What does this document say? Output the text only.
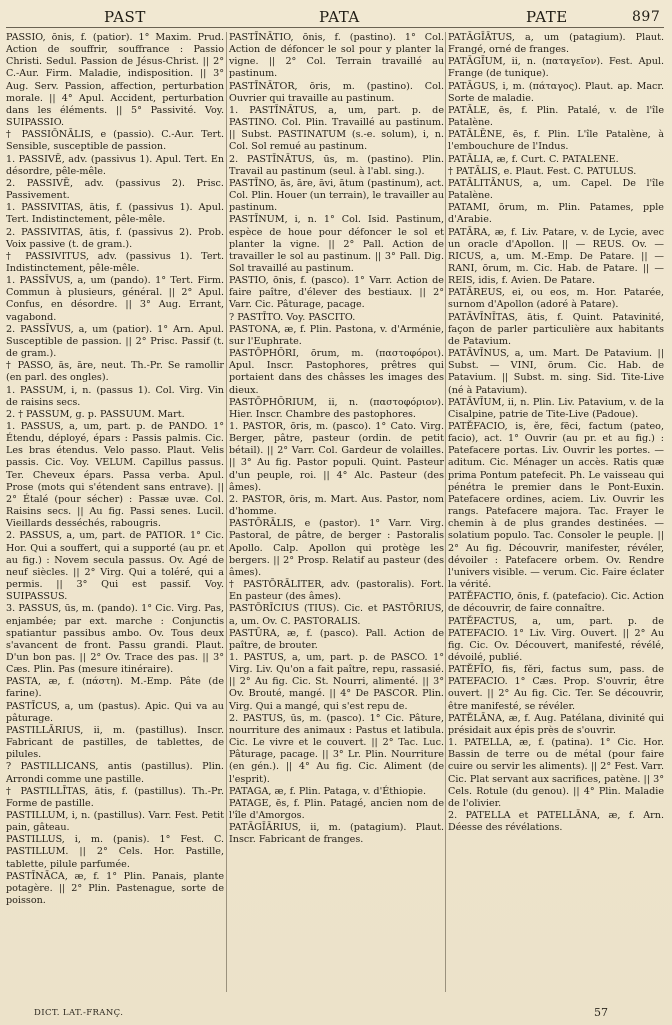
PAST	PATA	PATE	897

PASSIO, ōnis, f. (patior). 1° Maxim. Prud. Action de souffrir, souffrance : Passio Christi. Sedul. Passion de Jésus-Christ. || 2° C.-Aur. Firm. Maladie, indisposition. || 3° Aug. Serv. Passion, affection, perturbation morale. || 4° Apul. Accident, perturbation dans les éléments. || 5° Passivité. Voy. SUIPASSIO.

† PASSIŌNĀLIS, e (passio). C.-Aur. Tert. Sensible, susceptible de passion.

1. PASSIVĒ, adv. (passivus 1). Apul. Tert. En désordre, pêle-mêle.

2. PASSIVĒ, adv. (passivus 2). Prisc. Passivement.

1. PASSIVITAS, ātis, f. (passivus 1). Apul. Tert. Indistinctement, pêle-mêle.

2. PASSIVITAS, ātis, f. (passivus 2). Prob. Voix passive (t. de gram.).

† PASSIVITUS, adv. (passivus 1). Tert. Indistinctement, pêle-mêle.

1. PASSĪVUS, a, um (pando). 1° Tert. Firm. Commun à plusieurs, général. || 2° Apul. Confus, en désordre. || 3° Aug. Errant, vagabond.

2. PASSĪVUS, a, um (patior). 1° Arn. Apul. Susceptible de passion. || 2° Prisc. Passif (t. de gram.).

† PASSO, ās, āre, neut. Th.-Pr. Se ramollir (en parl. des ongles).

1. PASSUM, i, n. (passus 1). Col. Virg. Vin de raisins secs.

2. † PASSUM, g. p. PASSUUM. Mart.

1. PASSUS, a, um, part. p. de PANDO. 1° Étendu, déployé, épars : Passis palmis. Cic. Les bras étendus. Velo passo. Plaut. Velis passis. Cic. Voy. VELUM. Capillus passus. Ter. Cheveux épars. Passa verba. Apul. Prose (mots qui s'étendent sans entrave). || 2° Étalé (pour sécher) : Passæ uvæ. Col. Raisins secs. || Au fig. Passi senes. Lucil. Vieillards desséchés, rabougris.

2. PASSUS, a, um, part. de PATIOR. 1° Cic. Hor. Qui a souffert, qui a supporté (au pr. et au fig.) : Novem secula passus. Ov. Agé de neuf siècles. || 2° Virg. Qui a toléré, qui a permis. || 3° Qui est passif. Voy. SUIPASSUS.

3. PASSUS, ūs, m. (pando). 1° Cic. Virg. Pas, enjambée; par ext. marche : Conjunctis spatiantur passibus ambo. Ov. Tous deux s'avancent de front. Passu grandi. Plaut. D'un bon pas. || 2° Ov. Trace des pas. || 3° Cæs. Plin. Pas (mesure itinéraire).

PASTA, æ, f. (πάστη). M.-Emp. Pâte (de farine).

PASTĪCUS, a, um (pastus). Apic. Qui va au pâturage.

PASTILLĀRIUS, ii, m. (pastillus). Inscr. Fabricant de pastilles, de tablettes, de pilules.

? PASTILLICANS, antis (pastillus). Plin. Arrondi comme une pastille.

† PASTILLĪTAS, ātis, f. (pastillus). Th.-Pr. Forme de pastille.

PASTILLUM, i, n. (pastillus). Varr. Fest. Petit pain, gâteau.

PASTILLUS, i, m. (panis). 1° Fest. C. PASTILLUM. || 2° Cels. Hor. Pastille, tablette, pilule parfumée.

PASTĪNĀCA, æ, f. 1° Plin. Panais, plante potagère. || 2° Plin. Pastenague, sorte de poisson.

PASTĪNĀTIO, ōnis, f. (pastino). 1° Col. Action de défoncer le sol pour y planter la vigne. || 2° Col. Terrain travaillé au pastinum.

PASTĪNĀTOR, ōris, m. (pastino). Col. Ouvrier qui travaille au pastinum.

1. PASTĪNĀTUS, a, um, part. p. de PASTINO. Col. Plin. Travaillé au pastinum. || Subst. PASTINATUM (s.-e. solum), i, n. Col. Sol remué au pastinum.

2. PASTĪNĀTUS, ūs, m. (pastino). Plin. Travail au pastinum (seul. à l'abl. sing.).

PASTĪNO, ās, āre, āvi, ātum (pastinum), act. Col. Plin. Houer (un terrain), le travailler au pastinum.

PASTĪNUM, i, n. 1° Col. Isid. Pastinum, espèce de houe pour défoncer le sol et planter la vigne. || 2° Pall. Action de travailler le sol au pastinum. || 3° Pall. Dig. Sol travaillé au pastinum.

PASTIO, ōnis, f. (pasco). 1° Varr. Action de faire paître, d'élever des bestiaux. || 2° Varr. Cic. Pâturage, pacage.

? PASTĪTO. Voy. PASCITO.

PASTONA, æ, f. Plin. Pastona, v. d'Arménie, sur l'Euphrate.

PASTŌPHŎRI, ōrum, m. (παστοφόροι). Apul. Inscr. Pastophores, prêtres qui portaient dans des châsses les images des dieux.

PASTŌPHŎRIUM, ii, n. (παστοφόριον). Hier. Inscr. Chambre des pastophores.

1. PASTOR, ōris, m. (pasco). 1° Cato. Virg. Berger, pâtre, pasteur (ordin. de petit bétail). || 2° Varr. Col. Gardeur de volailles. || 3° Au fig. Pastor populi. Quint. Pasteur d'un peuple, roi. || 4° Alc. Pasteur (des âmes).

2. PASTOR, ōris, m. Mart. Aus. Pastor, nom d'homme.

PASTŌRĀLIS, e (pastor). 1° Varr. Virg. Pastoral, de pâtre, de berger : Pastoralis Apollo. Calp. Apollon qui protège les bergers. || 2° Prosp. Relatif au pasteur (des âmes).

† PASTŌRĀLITER, adv. (pastoralis). Fort. En pasteur (des âmes).

PASTŌRĪCIUS (TIUS). Cic. et PASTŌRIUS, a, um. Ov. C. PASTORALIS.

PASTŪRA, æ, f. (pasco). Pall. Action de paître, de brouter.

1. PASTUS, a, um, part. p. de PASCO. 1° Virg. Liv. Qu'on a fait paître, repu, rassasié. || 2° Au fig. Cic. St. Nourri, alimenté. || 3° Ov. Brouté, mangé. || 4° De PASCOR. Plin. Virg. Qui a mangé, qui s'est repu de.

2. PASTUS, ūs, m. (pasco). 1° Cic. Pâture, nourriture des animaux : Pastus et latibula. Cic. Le vivre et le couvert. || 2° Tac. Luc. Pâturage, pacage. || 3° Lr. Plin. Nourriture (en gén.). || 4° Au fig. Cic. Aliment (de l'esprit).

PATAGA, æ, f. Plin. Pataga, v. d'Éthiopie.

PATAGE, ēs, f. Plin. Patagé, ancien nom de l'île d'Amorgos.

PATĀGĪĀRIUS, ii, m. (patagium). Plaut. Inscr. Fabricant de franges.

PATĀGĪĀTUS, a, um (patagium). Plaut. Frangé, orné de franges.

PATĀGĪUM, ii, n. (παταγεῖον). Fest. Apul. Frange (de tunique).

PATĀGUS, i, m. (πάταγος). Plaut. ap. Macr. Sorte de maladie.

PATĀLE, ēs, f. Plin. Patalé, v. de l'île Patalène.

PATĀLĒNE, ēs, f. Plin. L'île Patalène, à l'embouchure de l'Indus.

PATĀLIA, æ, f. Curt. C. PATALENE.

† PATĀLIS, e. Plaut. Fest. C. PATULUS.

PATĀLITĀNUS, a, um. Capel. De l'île Patalène.

PATAMI, ōrum, m. Plin. Patames, pple d'Arabie.

PATĀRA, æ, f. Liv. Patare, v. de Lycie, avec un oracle d'Apollon. || — REUS. Ov. — RICUS, a, um. M.-Emp. De Patare. || — RANI, ōrum, m. Cic. Hab. de Patare. || — REIS, idis, f. Avien. De Patare.

PATĀREUS, ei, ou eos, m. Hor. Patarée, surnom d'Apollon (adoré à Patare).

PATĀVĪNĪTAS, ātis, f. Quint. Patavinité, façon de parler particulière aux habitants de Patavium.

PATĀVĪNUS, a, um. Mart. De Patavium. || Subst. — VINI, ōrum. Cic. Hab. de Patavium. || Subst. m. sing. Sid. Tite-Live (né à Patavium).

PATĀVĪUM, ii, n. Plin. Liv. Patavium, v. de la Cisalpine, patrie de Tite-Live (Padoue).

PATĔFACIO, is, ĕre, fēci, factum (pateo, facio), act. 1° Ouvrir (au pr. et au fig.) : Patefacere portas. Liv. Ouvrir les portes. — aditum. Cic. Ménager un accès. Ratis quæ prima Pontum patefecit. Ph. Le vaisseau qui pénétra le premier dans le Pont-Euxin. Patefacere ordines, aciem. Liv. Ouvrir les rangs. Patefacere majora. Tac. Frayer le chemin à de plus grandes destinées. — solatium populo. Tac. Consoler le peuple. || 2° Au fig. Découvrir, manifester, révéler, dévoiler : Patefacere orbem. Ov. Rendre l'univers visible. — verum. Cic. Faire éclater la vérité.

PATĔFACTIO, ōnis, f. (patefacio). Cic. Action de découvrir, de faire connaître.

PATĔFACTUS, a, um, part. p. de PATEFACIO. 1° Liv. Virg. Ouvert. || 2° Au fig. Cic. Ov. Découvert, manifesté, révélé, dévoilé, publié.

PATĔFĪO, fis, fĕri, factus sum, pass. de PATEFACIO. 1° Cæs. Prop. S'ouvrir, être ouvert. || 2° Au fig. Cic. Ter. Se découvrir, être manifesté, se révéler.

PATĔLĀNA, æ, f. Aug. Patélana, divinité qui présidait aux épis près de s'ouvrir.

1. PATELLA, æ, f. (patina). 1° Cic. Hor. Bassin de terre ou de métal (pour faire cuire ou servir les aliments). || 2° Fest. Varr. Cic. Plat servant aux sacrifices, patène. || 3° Cels. Rotule (du genou). || 4° Plin. Maladie de l'olivier.

2. PATELLA et PATELLĀNA, æ, f. Arn. Déesse des révélations.

DICT. LAT.-FRANÇ.	57
